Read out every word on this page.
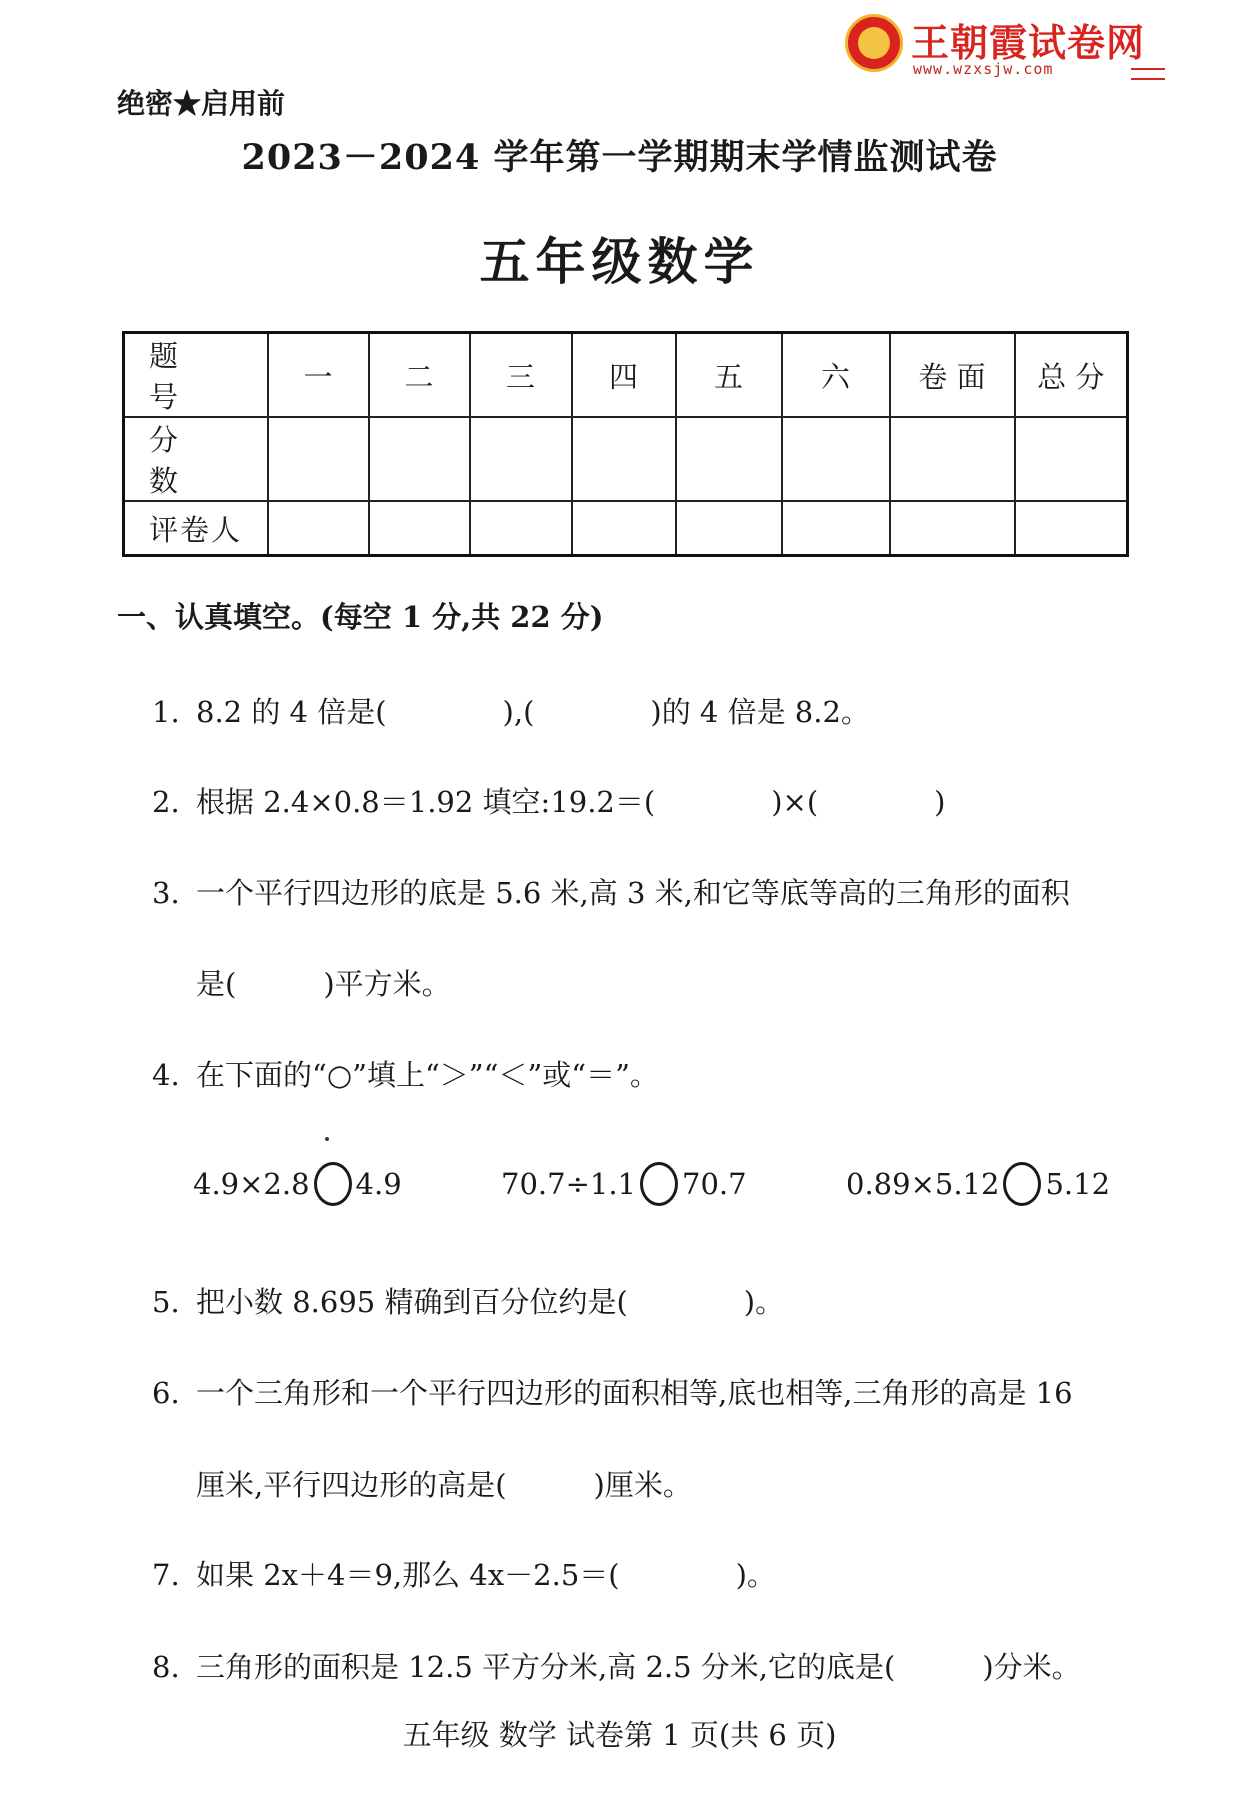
王朝霞试卷网
www.wzxsjw.com
绝密★启用前
2023－2024 学年第一学期期末学情监测试卷
五年级数学
题 号	一	二	三	四	五	六	卷 面	总 分
分 数								
评卷人								
一、认真填空。(每空 1 分,共 22 分)
1. 8.2 的 4 倍是(　　　　),(　　　　)的 4 倍是 8.2。
2. 根据 2.4×0.8＝1.92 填空:19.2＝(　　　　)×(　　　　)
3. 一个平行四边形的底是 5.6 米,高 3 米,和它等底等高的三角形的面积
是(　　　)平方米。
4. 在下面的“○”填上“＞”“＜”或“＝”。
4.9×2.8 4.9	70.7÷1.1 70.7	0.89×5.12 5.12
5. 把小数 8.695 精确到百分位约是(　　　　)。
6. 一个三角形和一个平行四边形的面积相等,底也相等,三角形的高是 16
厘米,平行四边形的高是(　　　)厘米。
7. 如果 2x＋4＝9,那么 4x－2.5＝(　　　　)。
8. 三角形的面积是 12.5 平方分米,高 2.5 分米,它的底是(　　　)分米。
五年级 数学 试卷第 1 页(共 6 页)
